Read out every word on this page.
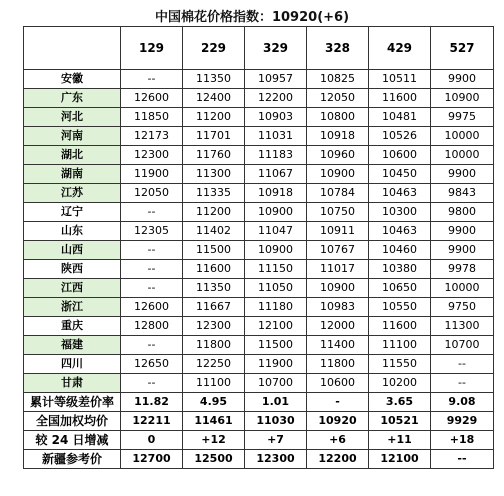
中国棉花价格指数：10920(+6)
	129	229	329	328	429	527
安徽	--	11350	10957	10825	10511	9900
广东	12600	12400	12200	12050	11600	10900
河北	11850	11200	10903	10800	10481	9975
河南	12173	11701	11031	10918	10526	10000
湖北	12300	11760	11183	10960	10600	10000
湖南	11900	11300	11067	10900	10450	9900
江苏	12050	11335	10918	10784	10463	9843
辽宁	--	11200	10900	10750	10300	9800
山东	12305	11402	11047	10911	10463	9900
山西	--	11500	10900	10767	10460	9900
陕西	--	11600	11150	11017	10380	9978
江西	--	11350	11050	10900	10650	10000
浙江	12600	11667	11180	10983	10550	9750
重庆	12800	12300	12100	12000	11600	11300
福建	--	11800	11500	11400	11100	10700
四川	12650	12250	11900	11800	11550	--
甘肃	--	11100	10700	10600	10200	--
累计等级差价率	11.82	4.95	1.01	-	3.65	9.08
全国加权均价	12211	11461	11030	10920	10521	9929
较 24 日增减	0	+12	+7	+6	+11	+18
新疆参考价	12700	12500	12300	12200	12100	--
